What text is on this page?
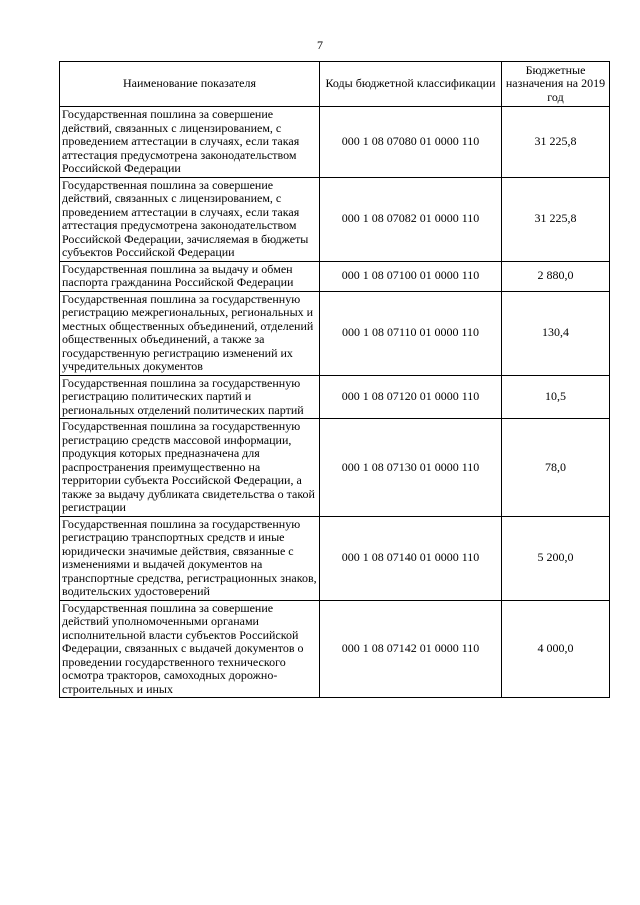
7
Наименование показателя	Коды бюджетной классификации	Бюджетные назначения на 2019 год
Государственная пошлина за совершение действий, связанных с лицензированием, с проведением аттестации в случаях, если такая аттестация предусмотрена законодательством Российской Федерации	000 1 08 07080 01 0000 110	31 225,8
Государственная пошлина за совершение действий, связанных с лицензированием, с проведением аттестации в случаях, если такая аттестация предусмотрена законодательством Российской Федерации, зачисляемая в бюджеты субъектов Российской Федерации	000 1 08 07082 01 0000 110	31 225,8
Государственная пошлина за выдачу и обмен паспорта гражданина Российской Федерации	000 1 08 07100 01 0000 110	2 880,0
Государственная пошлина за государственную регистрацию межрегиональных, региональных и местных общественных объединений, отделений общественных объединений, а также за государственную регистрацию изменений их учредительных документов	000 1 08 07110 01 0000 110	130,4
Государственная пошлина за государственную регистрацию политических партий и региональных отделений политических партий	000 1 08 07120 01 0000 110	10,5
Государственная пошлина за государственную регистрацию средств массовой информации, продукция которых предназначена для распространения преимущественно на территории субъекта Российской Федерации, а также за выдачу дубликата свидетельства о такой регистрации	000 1 08 07130 01 0000 110	78,0
Государственная пошлина за государственную регистрацию транспортных средств и иные юридически значимые действия, связанные с изменениями и выдачей документов на транспортные средства, регистрационных знаков, водительских удостоверений	000 1 08 07140 01 0000 110	5 200,0
Государственная пошлина за совершение действий уполномоченными органами исполнительной власти субъектов Российской Федерации, связанных с выдачей документов о проведении государственного технического осмотра тракторов, самоходных дорожно-строительных и иных	000 1 08 07142 01 0000 110	4 000,0
